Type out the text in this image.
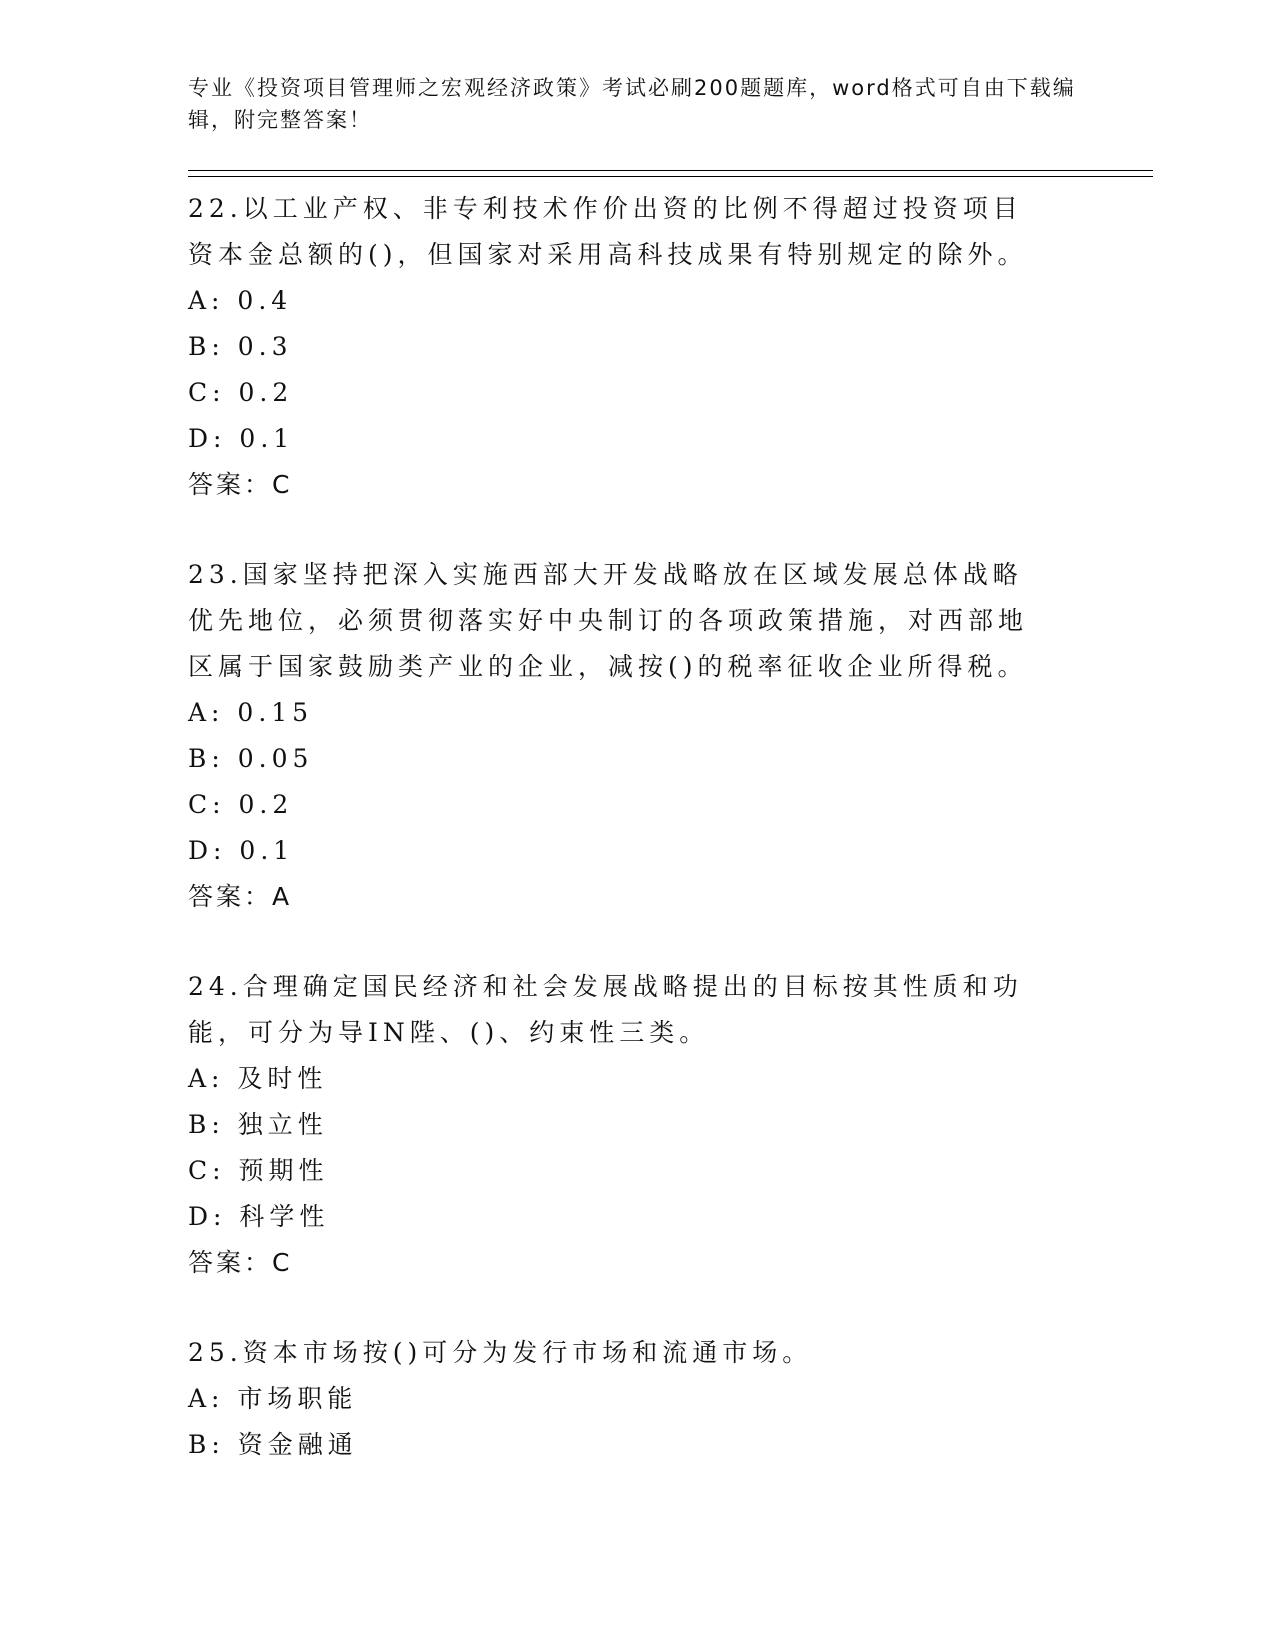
专业《投资项目管理师之宏观经济政策》考试必刷200题题库，word格式可自由下载编辑，附完整答案！
22.以工业产权、非专利技术作价出资的比例不得超过投资项目资本金总额的()，但国家对采用高科技成果有特别规定的除外。
A: 0.4
B: 0.3
C: 0.2
D: 0.1
答案：C
23.国家坚持把深入实施西部大开发战略放在区域发展总体战略优先地位，必须贯彻落实好中央制订的各项政策措施，对西部地区属于国家鼓励类产业的企业，减按()的税率征收企业所得税。
A: 0.15
B: 0.05
C: 0.2
D: 0.1
答案：A
24.合理确定国民经济和社会发展战略提出的目标按其性质和功能，可分为导IN陛、()、约束性三类。
A: 及时性
B: 独立性
C: 预期性
D: 科学性
答案：C
25.资本市场按()可分为发行市场和流通市场。
A: 市场职能
B: 资金融通
